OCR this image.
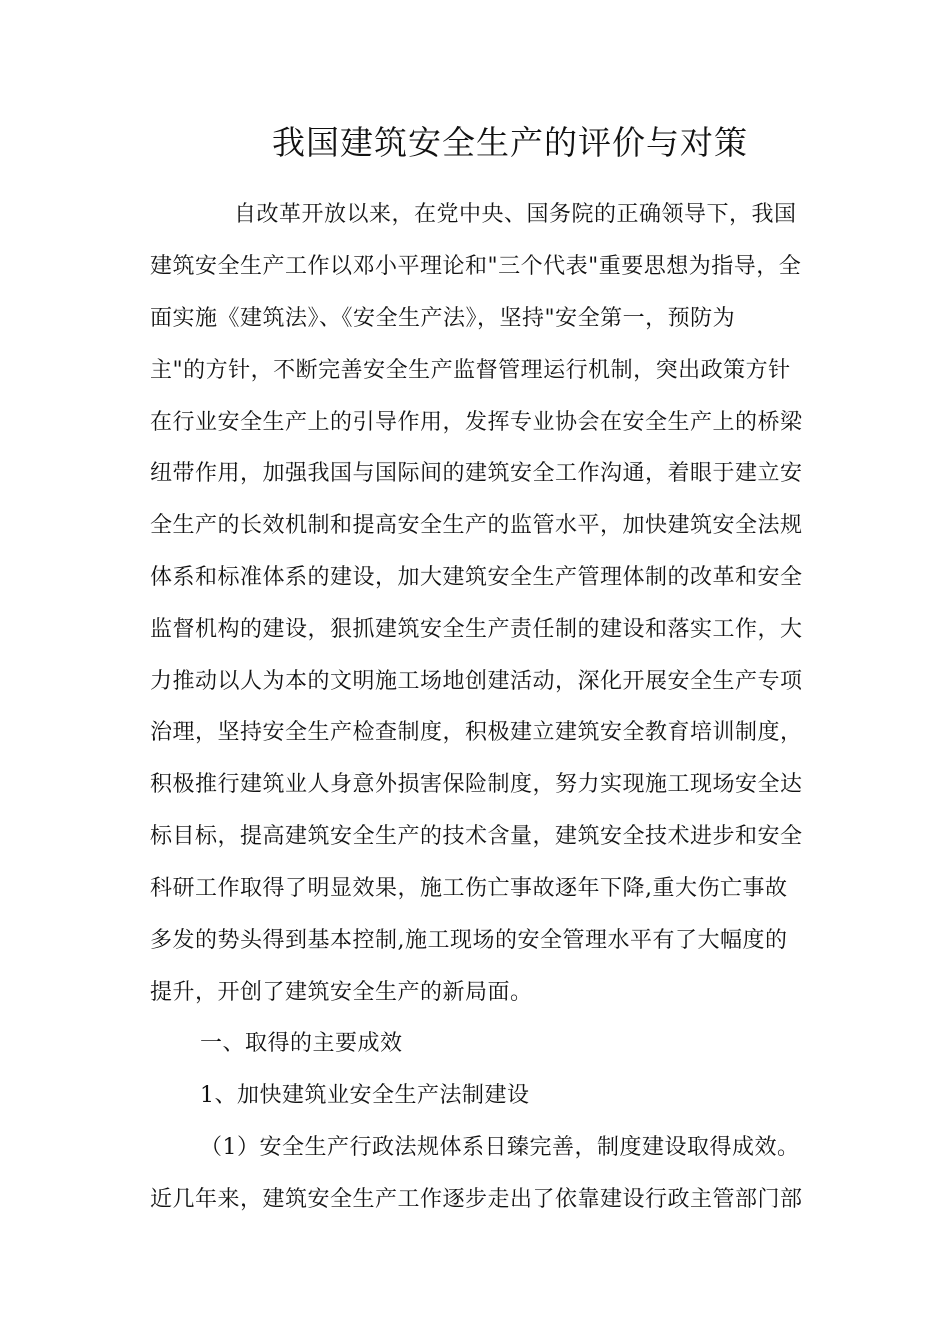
我国建筑安全生产的评价与对策
自改革开放以来，在党中央、国务院的正确领导下，我国
建筑安全生产工作以邓小平理论和"三个代表"重要思想为指导，全
面实施《建筑法》、《安全生产法》，坚持"安全第一，预防为
主"的方针，不断完善安全生产监督管理运行机制，突出政策方针
在行业安全生产上的引导作用，发挥专业协会在安全生产上的桥梁
纽带作用，加强我国与国际间的建筑安全工作沟通，着眼于建立安
全生产的长效机制和提高安全生产的监管水平，加快建筑安全法规
体系和标准体系的建设，加大建筑安全生产管理体制的改革和安全
监督机构的建设，狠抓建筑安全生产责任制的建设和落实工作，大
力推动以人为本的文明施工场地创建活动，深化开展安全生产专项
治理，坚持安全生产检查制度，积极建立建筑安全教育培训制度，
积极推行建筑业人身意外损害保险制度，努力实现施工现场安全达
标目标，提高建筑安全生产的技术含量，建筑安全技术进步和安全
科研工作取得了明显效果，施工伤亡事故逐年下降,重大伤亡事故
多发的势头得到基本控制,施工现场的安全管理水平有了大幅度的
提升，开创了建筑安全生产的新局面。
一、取得的主要成效
1、加快建筑业安全生产法制建设
（1）安全生产行政法规体系日臻完善，制度建设取得成效。
近几年来，建筑安全生产工作逐步走出了依靠建设行政主管部门部
